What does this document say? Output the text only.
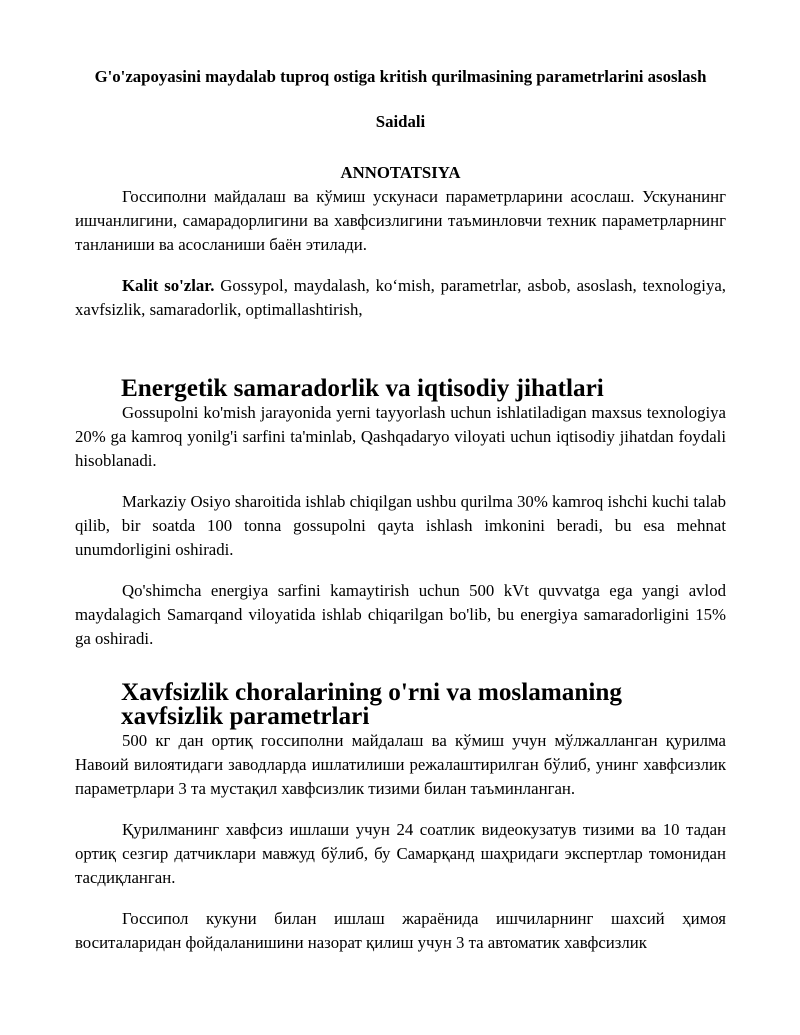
G'o'zapoyasini maydalab tuproq ostiga kritish qurilmasining parametrlarini asoslash
Saidali
ANNOTATSIYA

Госсиполни майдалаш ва кўмиш ускунаси параметрларини асослаш. Ускунанинг ишчанлигини, самарадорлигини ва хавфсизлигини таъминловчи техник параметрларнинг танланиши ва асосланиши баён этилади.

Kalit so'zlar. Gossypol, maydalash, ko‘mish, parametrlar, asbob, asoslash, texnologiya, xavfsizlik, samaradorlik, optimallashtirish,

Energetik samaradorlik va iqtisodiy jihatlari

Gossupolni ko'mish jarayonida yerni tayyorlash uchun ishlatiladigan maxsus texnologiya 20% ga kamroq yonilg'i sarfini ta'minlab, Qashqadaryo viloyati uchun iqtisodiy jihatdan foydali hisoblanadi.

Markaziy Osiyo sharoitida ishlab chiqilgan ushbu qurilma 30% kamroq ishchi kuchi talab qilib, bir soatda 100 tonna gossupolni qayta ishlash imkonini beradi, bu esa mehnat unumdorligini oshiradi.

Qo'shimcha energiya sarfini kamaytirish uchun 500 kVt quvvatga ega yangi avlod maydalagich Samarqand viloyatida ishlab chiqarilgan bo'lib, bu energiya samaradorligini 15% ga oshiradi.

Xavfsizlik choralarining o'rni va moslamaning xavfsizlik parametrlari

500 кг дан ортиқ госсиполни майдалаш ва кўмиш учун мўлжалланган қурилма Навоий вилоятидаги заводларда ишлатилиши режалаштирилган бўлиб, унинг хавфсизлик параметрлари 3 та мустақил хавфсизлик тизими билан таъминланган.

Қурилманинг хавфсиз ишлаши учун 24 соатлик видеокузатув тизими ва 10 тадан ортиқ сезгир датчиклари мавжуд бўлиб, бу Самарқанд шаҳридаги экспертлар томонидан тасдиқланган.

Госсипол кукуни билан ишлаш жараёнида ишчиларнинг шахсий ҳимоя воситаларидан фойдаланишини назорат қилиш учун 3 та автоматик хавфсизлик
